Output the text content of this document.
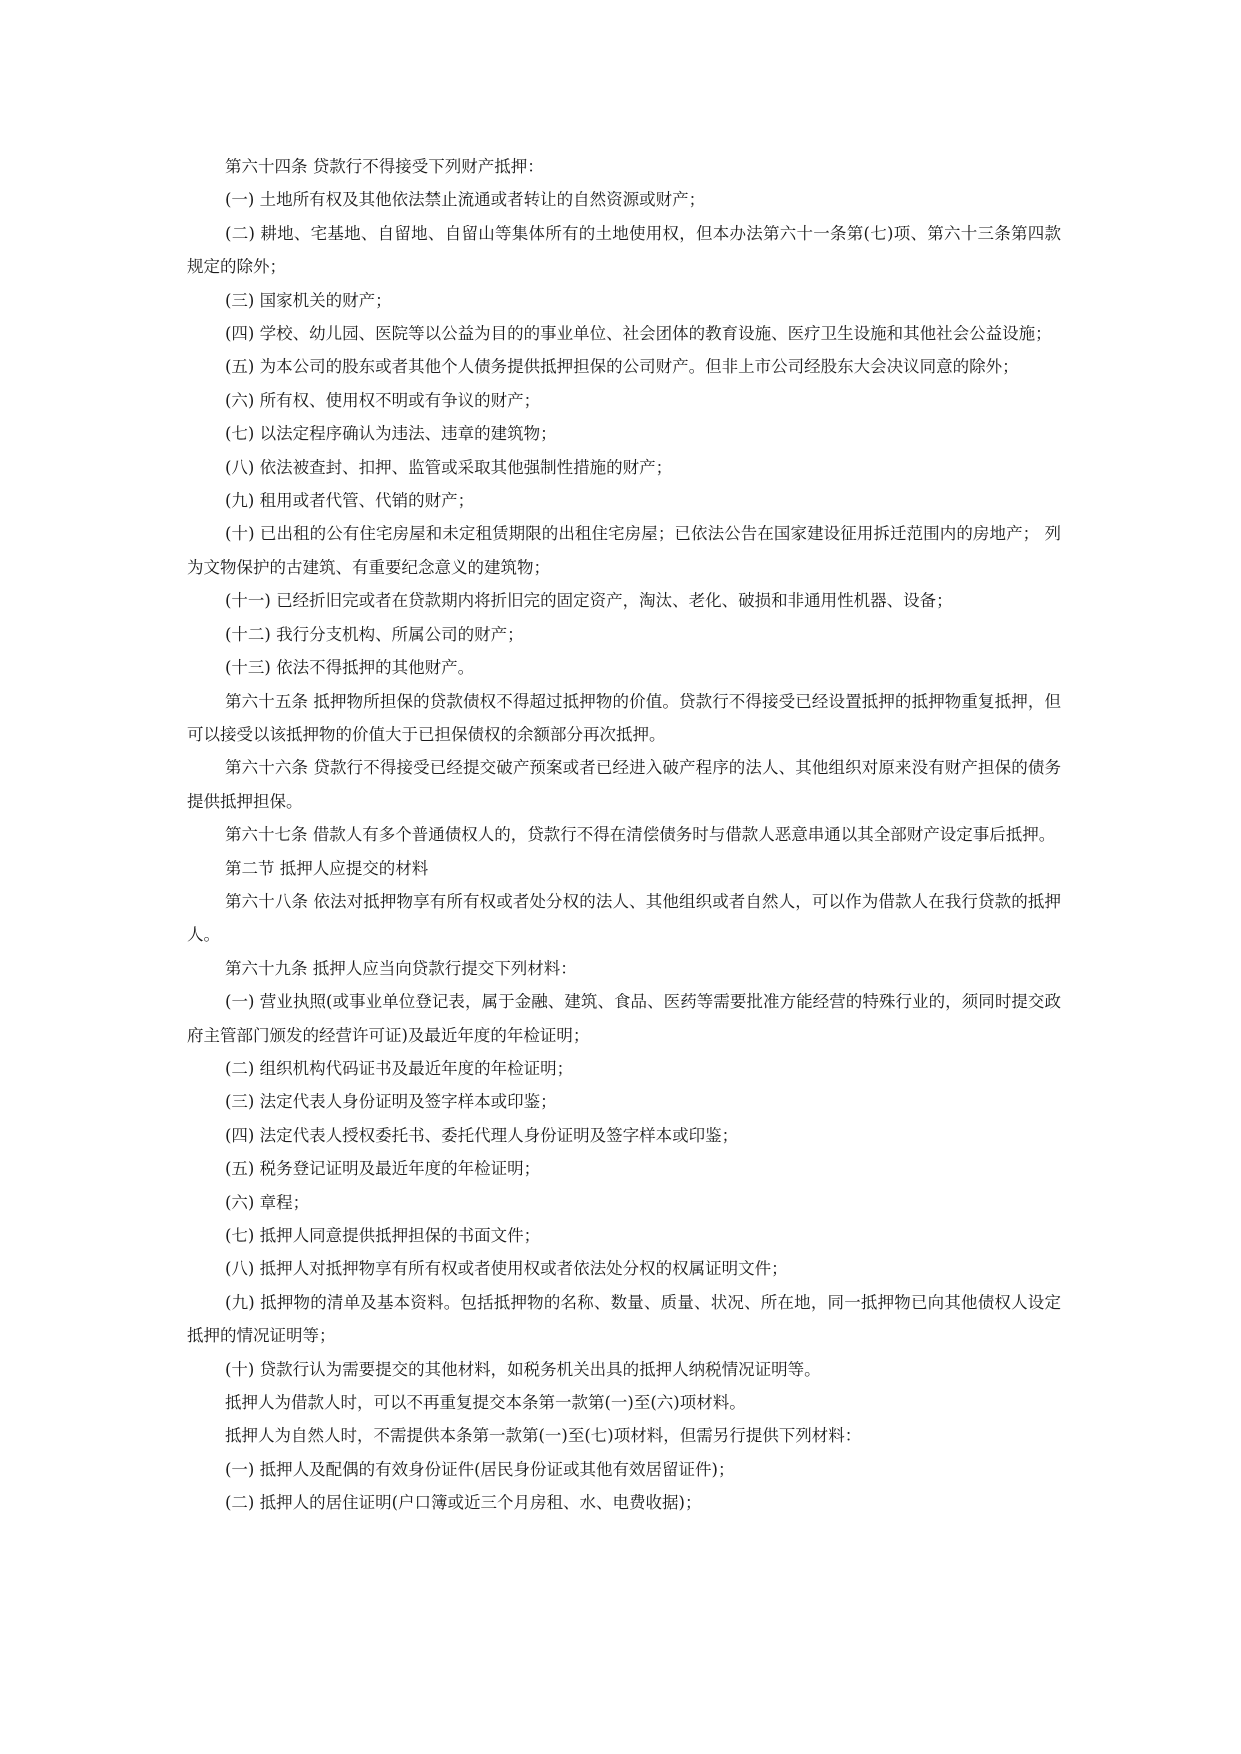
第六十四条 贷款行不得接受下列财产抵押：

(一) 土地所有权及其他依法禁止流通或者转让的自然资源或财产；

(二) 耕地、宅基地、自留地、自留山等集体所有的土地使用权，但本办法第六十一条第(七)项、第六十三条第四款规定的除外；

(三) 国家机关的财产；

(四) 学校、幼儿园、医院等以公益为目的的事业单位、社会团体的教育设施、医疗卫生设施和其他社会公益设施；

(五) 为本公司的股东或者其他个人债务提供抵押担保的公司财产。但非上市公司经股东大会决议同意的除外；

(六) 所有权、使用权不明或有争议的财产；

(七) 以法定程序确认为违法、违章的建筑物；

(八) 依法被查封、扣押、监管或采取其他强制性措施的财产；

(九) 租用或者代管、代销的财产；

(十) 已出租的公有住宅房屋和未定租赁期限的出租住宅房屋；已依法公告在国家建设征用拆迁范围内的房地产； 列为文物保护的古建筑、有重要纪念意义的建筑物；

(十一) 已经折旧完或者在贷款期内将折旧完的固定资产，淘汰、老化、破损和非通用性机器、设备；

(十二) 我行分支机构、所属公司的财产；

(十三) 依法不得抵押的其他财产。

第六十五条 抵押物所担保的贷款债权不得超过抵押物的价值。贷款行不得接受已经设置抵押的抵押物重复抵押，但可以接受以该抵押物的价值大于已担保债权的余额部分再次抵押。

第六十六条 贷款行不得接受已经提交破产预案或者已经进入破产程序的法人、其他组织对原来没有财产担保的债务提供抵押担保。

第六十七条 借款人有多个普通债权人的，贷款行不得在清偿债务时与借款人恶意串通以其全部财产设定事后抵押。

第二节 抵押人应提交的材料

第六十八条 依法对抵押物享有所有权或者处分权的法人、其他组织或者自然人，可以作为借款人在我行贷款的抵押人。

第六十九条 抵押人应当向贷款行提交下列材料：

(一) 营业执照(或事业单位登记表，属于金融、建筑、食品、医药等需要批准方能经营的特殊行业的，须同时提交政府主管部门颁发的经营许可证)及最近年度的年检证明；

(二) 组织机构代码证书及最近年度的年检证明；

(三) 法定代表人身份证明及签字样本或印鉴；

(四) 法定代表人授权委托书、委托代理人身份证明及签字样本或印鉴；

(五) 税务登记证明及最近年度的年检证明；

(六) 章程；

(七) 抵押人同意提供抵押担保的书面文件；

(八) 抵押人对抵押物享有所有权或者使用权或者依法处分权的权属证明文件；

(九) 抵押物的清单及基本资料。包括抵押物的名称、数量、质量、状况、所在地，同一抵押物已向其他债权人设定抵押的情况证明等；

(十) 贷款行认为需要提交的其他材料，如税务机关出具的抵押人纳税情况证明等。

抵押人为借款人时，可以不再重复提交本条第一款第(一)至(六)项材料。

抵押人为自然人时，不需提供本条第一款第(一)至(七)项材料，但需另行提供下列材料：

(一) 抵押人及配偶的有效身份证件(居民身份证或其他有效居留证件)；

(二) 抵押人的居住证明(户口簿或近三个月房租、水、电费收据)；
